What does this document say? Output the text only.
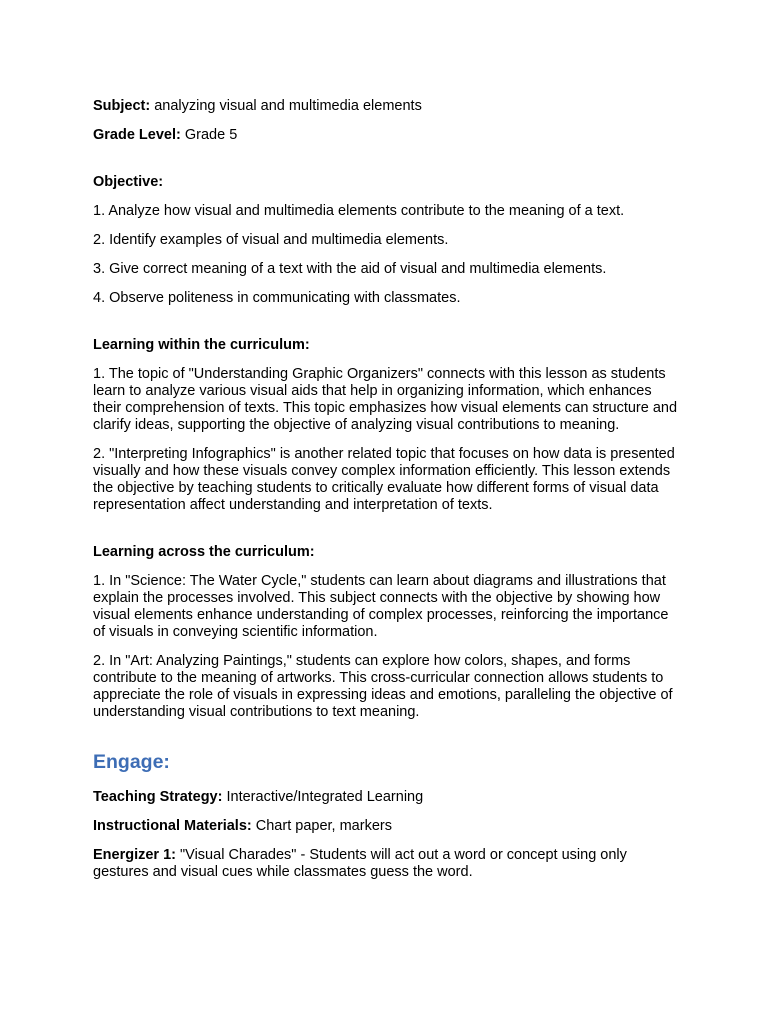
Subject: analyzing visual and multimedia elements
Grade Level: Grade 5
Objective:
1. Analyze how visual and multimedia elements contribute to the meaning of a text.
2. Identify examples of visual and multimedia elements.
3. Give correct meaning of a text with the aid of visual and multimedia elements.
4. Observe politeness in communicating with classmates.
Learning within the curriculum:
1. The topic of "Understanding Graphic Organizers" connects with this lesson as students learn to analyze various visual aids that help in organizing information, which enhances their comprehension of texts. This topic emphasizes how visual elements can structure and clarify ideas, supporting the objective of analyzing visual contributions to meaning.
2. "Interpreting Infographics" is another related topic that focuses on how data is presented visually and how these visuals convey complex information efficiently. This lesson extends the objective by teaching students to critically evaluate how different forms of visual data representation affect understanding and interpretation of texts.
Learning across the curriculum:
1. In "Science: The Water Cycle," students can learn about diagrams and illustrations that explain the processes involved. This subject connects with the objective by showing how visual elements enhance understanding of complex processes, reinforcing the importance of visuals in conveying scientific information.
2. In "Art: Analyzing Paintings," students can explore how colors, shapes, and forms contribute to the meaning of artworks. This cross-curricular connection allows students to appreciate the role of visuals in expressing ideas and emotions, paralleling the objective of understanding visual contributions to text meaning.
Engage:
Teaching Strategy: Interactive/Integrated Learning
Instructional Materials: Chart paper, markers
Energizer 1: "Visual Charades" - Students will act out a word or concept using only gestures and visual cues while classmates guess the word.
